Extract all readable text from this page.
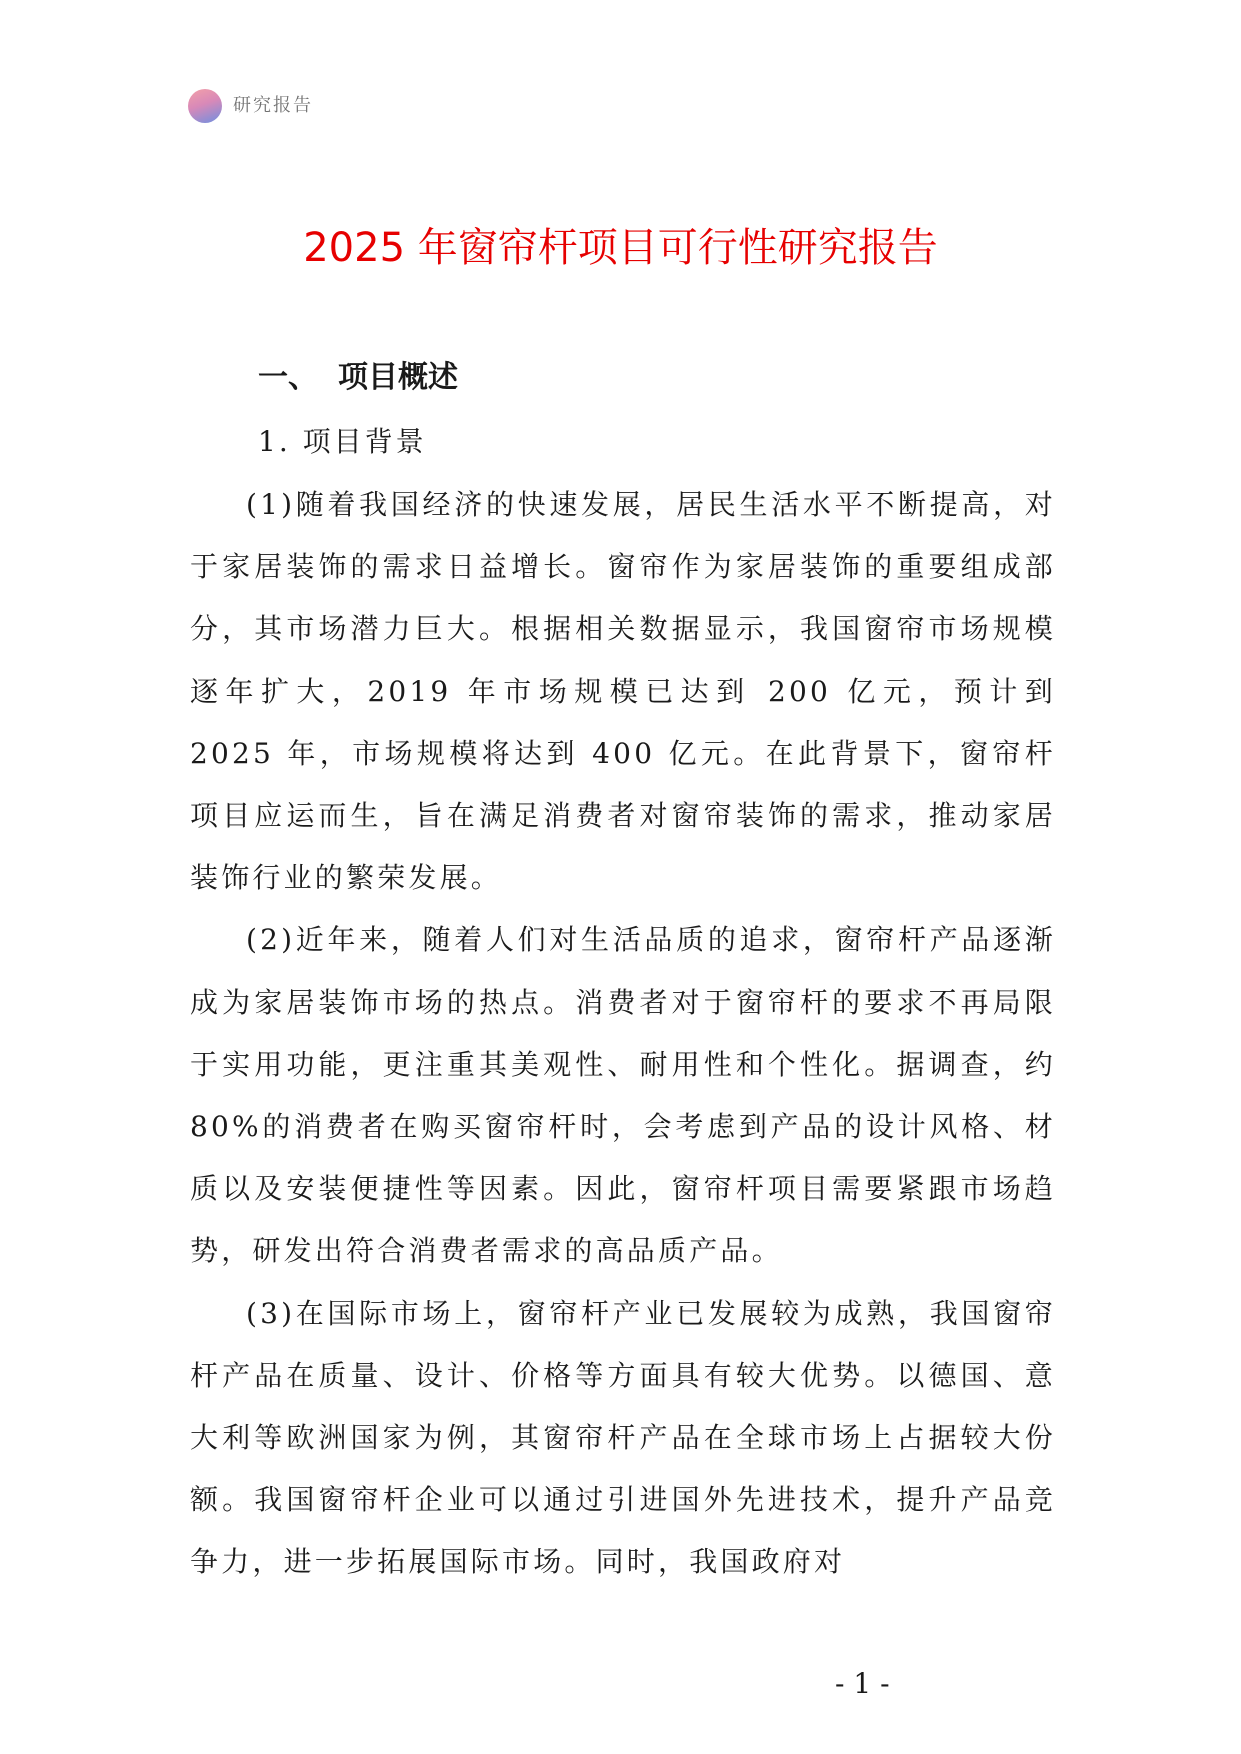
研究报告
2025 年窗帘杆项目可行性研究报告
一、 项目概述
1. 项目背景

(1)随着我国经济的快速发展，居民生活水平不断提高，对于家居装饰的需求日益增长。窗帘作为家居装饰的重要组成部分，其市场潜力巨大。根据相关数据显示，我国窗帘市场规模逐年扩大，2019 年市场规模已达到 200 亿元，预计到 2025 年，市场规模将达到 400 亿元。在此背景下，窗帘杆项目应运而生，旨在满足消费者对窗帘装饰的需求，推动家居装饰行业的繁荣发展。

(2)近年来，随着人们对生活品质的追求，窗帘杆产品逐渐成为家居装饰市场的热点。消费者对于窗帘杆的要求不再局限于实用功能，更注重其美观性、耐用性和个性化。据调查，约 80%的消费者在购买窗帘杆时，会考虑到产品的设计风格、材质以及安装便捷性等因素。因此，窗帘杆项目需要紧跟市场趋势，研发出符合消费者需求的高品质产品。

(3)在国际市场上，窗帘杆产业已发展较为成熟，我国窗帘杆产品在质量、设计、价格等方面具有较大优势。以德国、意大利等欧洲国家为例，其窗帘杆产品在全球市场上占据较大份额。我国窗帘杆企业可以通过引进国外先进技术，提升产品竞争力，进一步拓展国际市场。同时，我国政府对

- 1 -
